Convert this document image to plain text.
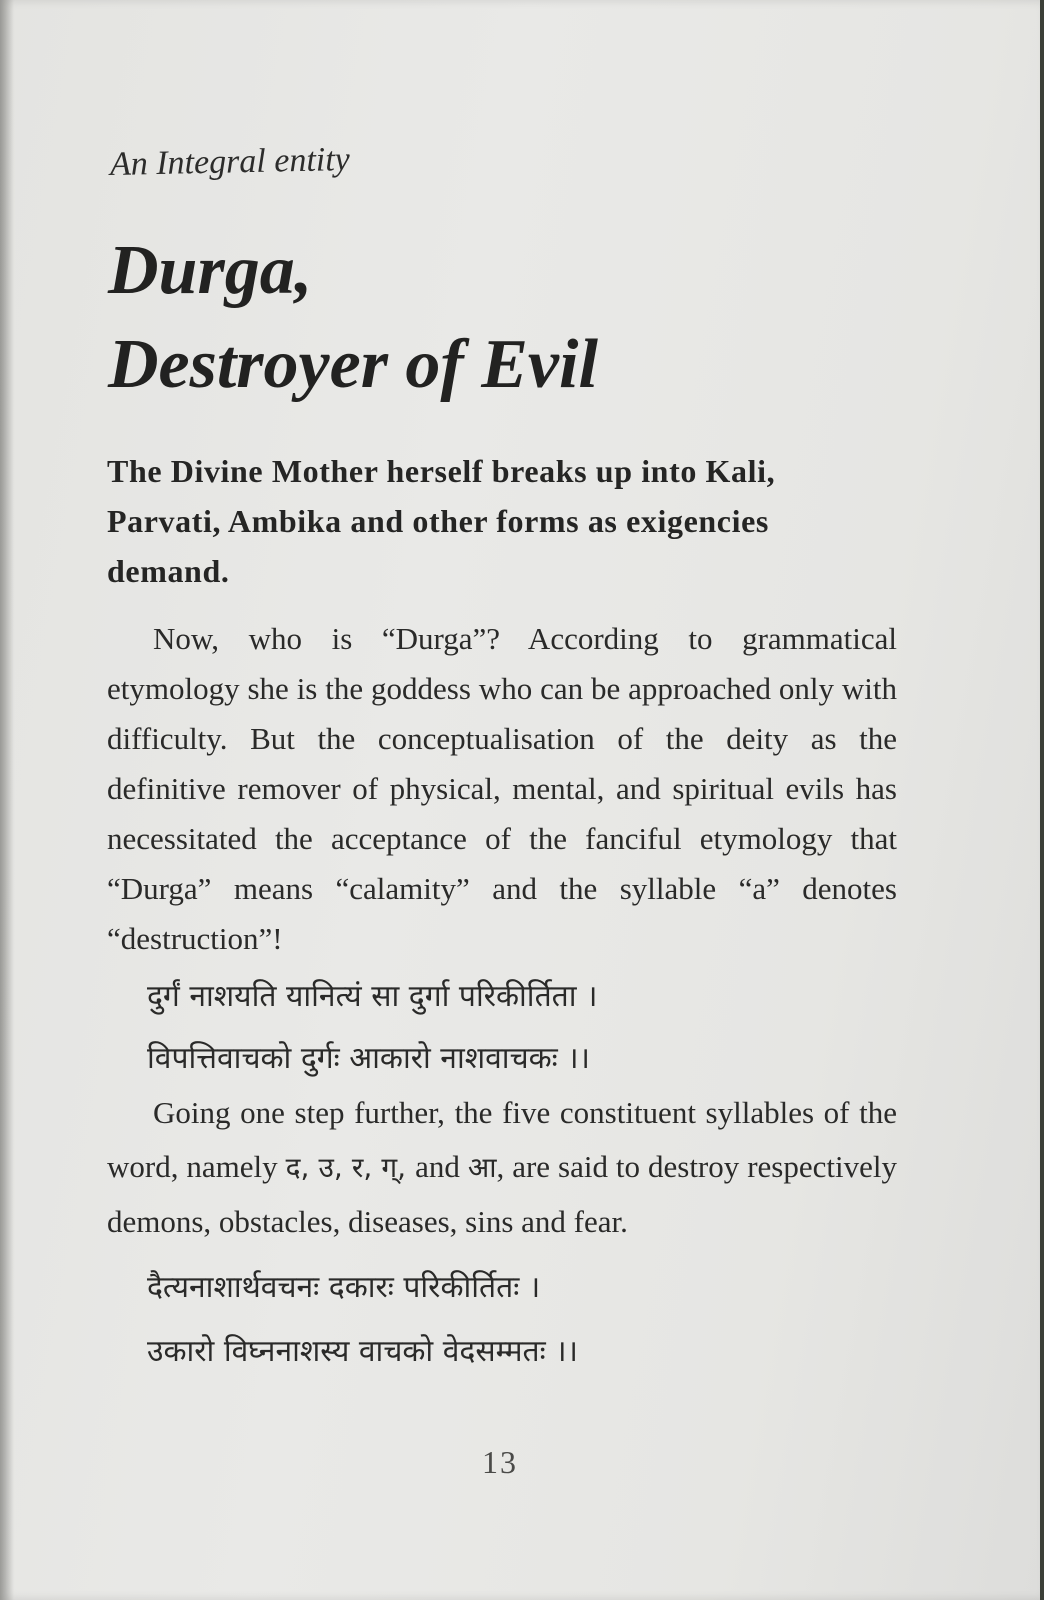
An Integral entity

Durga,
Destroyer of Evil

The Divine Mother herself breaks up into Kali, Parvati, Ambika and other forms as exigencies demand.

Now, who is “Durga”? According to grammatical etymology she is the goddess who can be approached only with difficulty. But the conceptualisation of the deity as the definitive remover of physical, mental, and spiritual evils has necessitated the acceptance of the fanciful etymology that “Durga” means “calamity” and the syllable “a” denotes “destruction”!

दुर्गं नाशयति यानित्यं सा दुर्गा परिकीर्तिता ।
विपत्तिवाचको दुर्गः आकारो नाशवाचकः ।।

Going one step further, the five constituent syllables of the word, namely द, उ, र, ग्, and आ, are said to destroy respectively demons, obstacles, diseases, sins and fear.

दैत्यनाशार्थवचनः दकारः परिकीर्तितः ।
उकारो विघ्ननाशस्य वाचको वेदसम्मतः ।।

13
